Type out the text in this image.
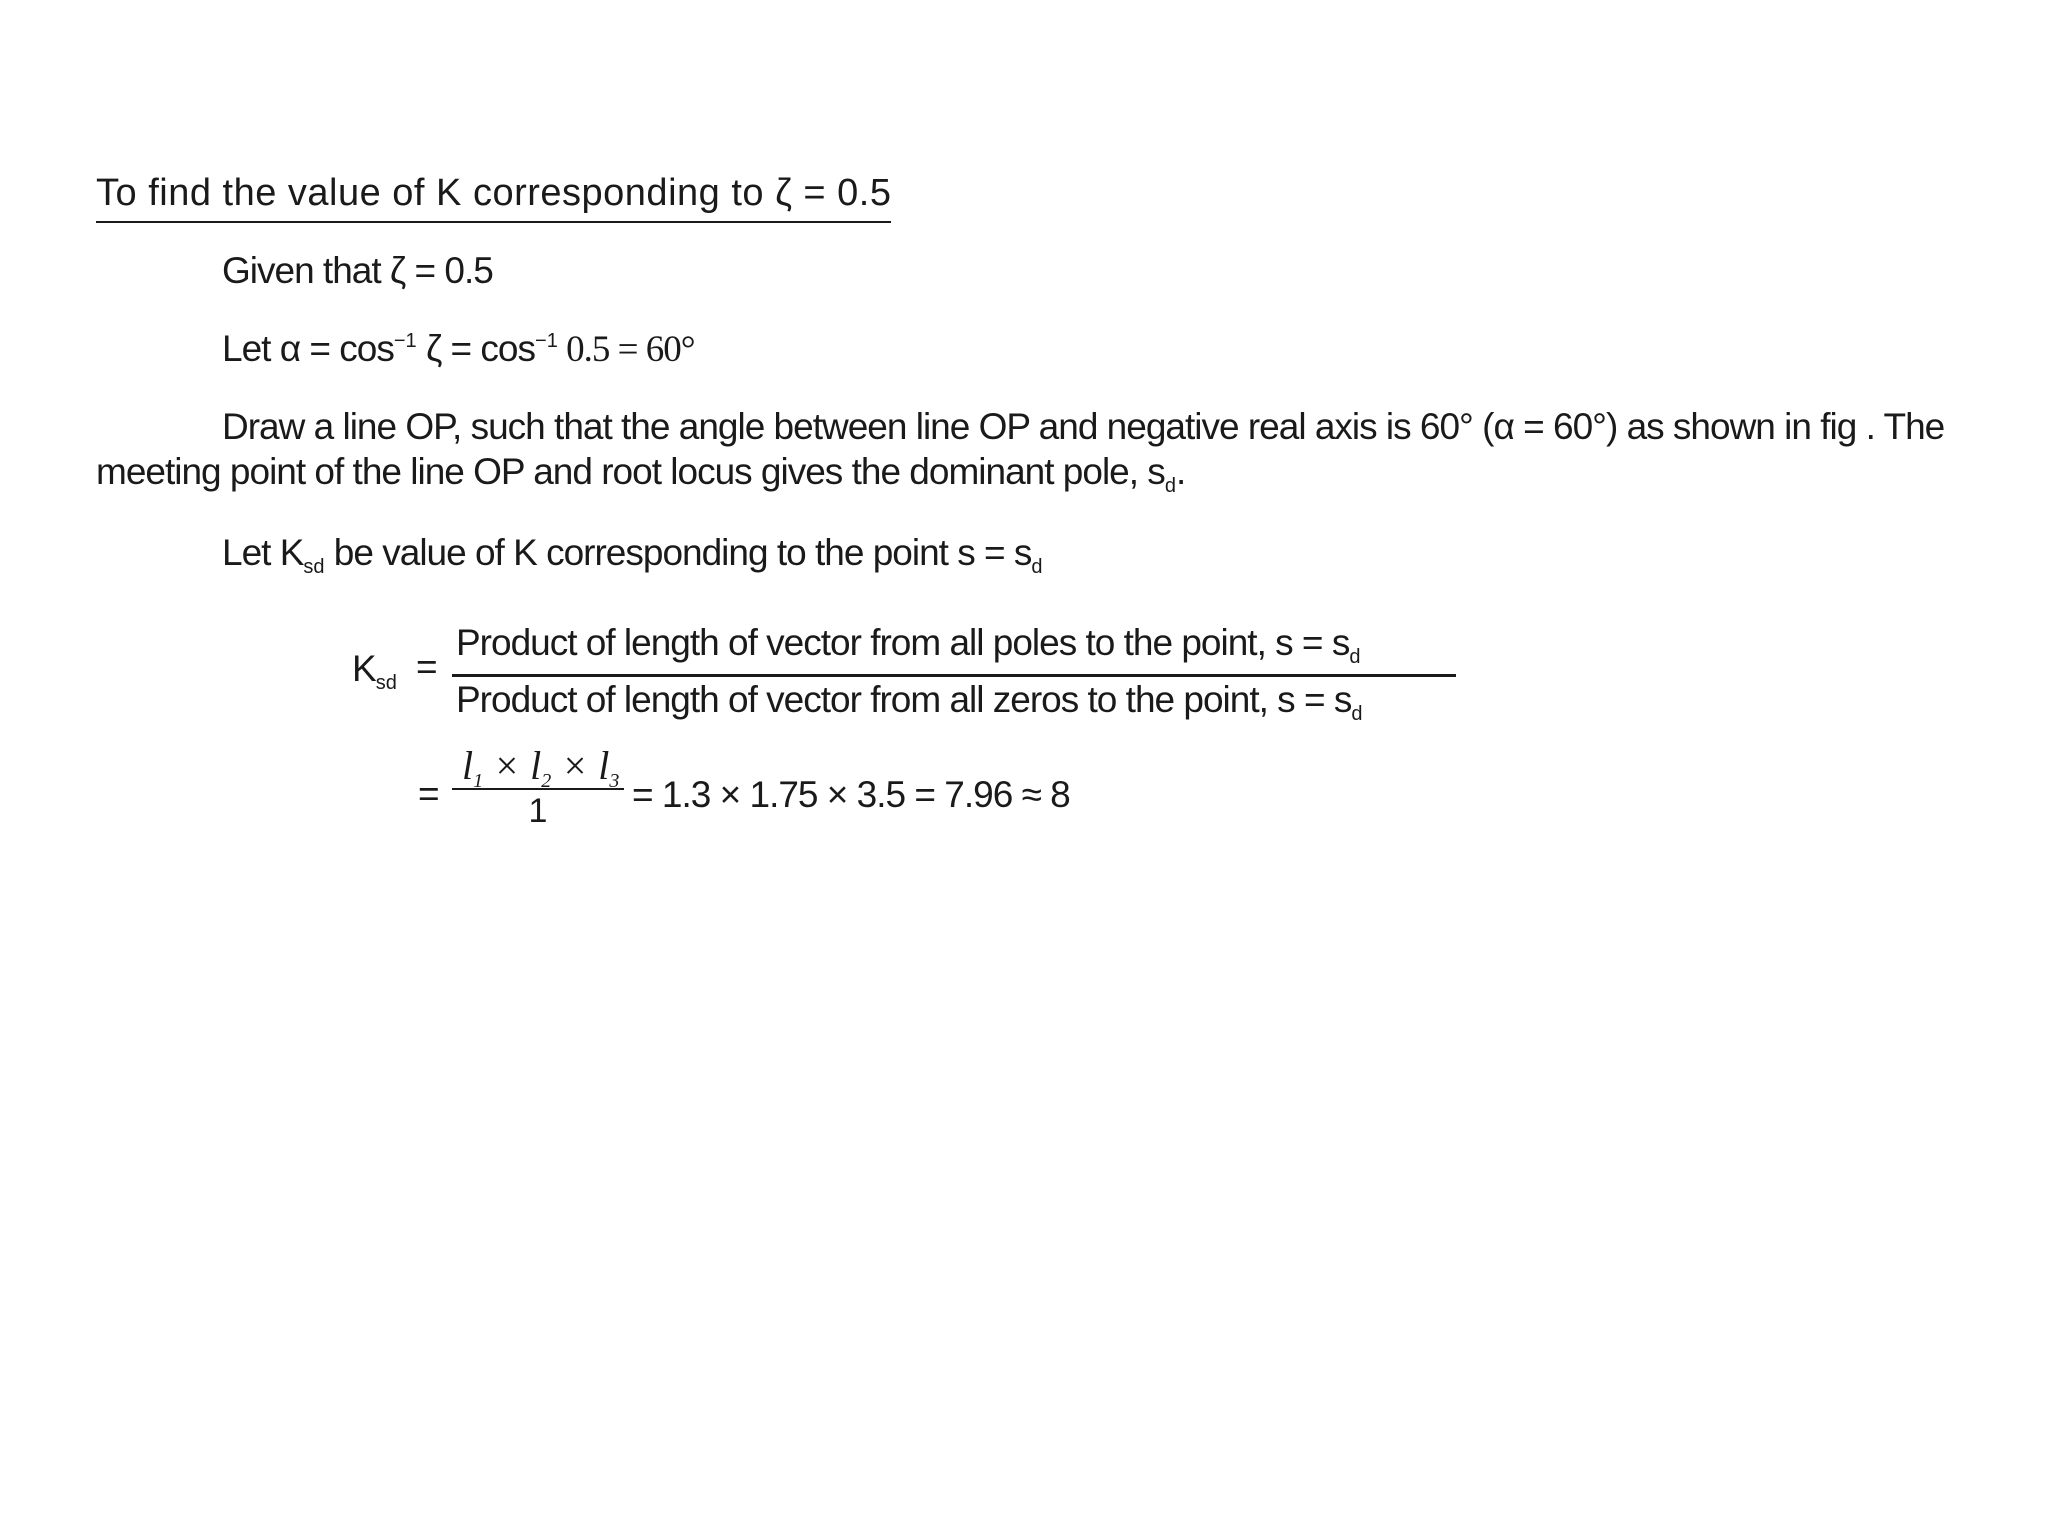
To find the value of K corresponding to ζ = 0.5
Given that ζ = 0.5
Let $\alpha = \cos^{-1} \zeta = \cos^{-1} 0.5 = 60^\circ$
Draw a line OP, such that the angle between line OP and negative real axis is 60° (α = 60°) as shown in fig . The
meeting point of the line OP and root locus gives the dominant pole, $s_d$.
Let $K_{sd}$ be value of K corresponding to the point $s = s_d$
$K_{sd}$ =
Product of length of vector from all poles to the point, $s = s_d$
Product of length of vector from all zeros to the point, $s = s_d$
=
$l_1 \times l_2 \times l_3$
1	= 1.3 × 1.75 × 3.5 = 7.96 ≈ 8
